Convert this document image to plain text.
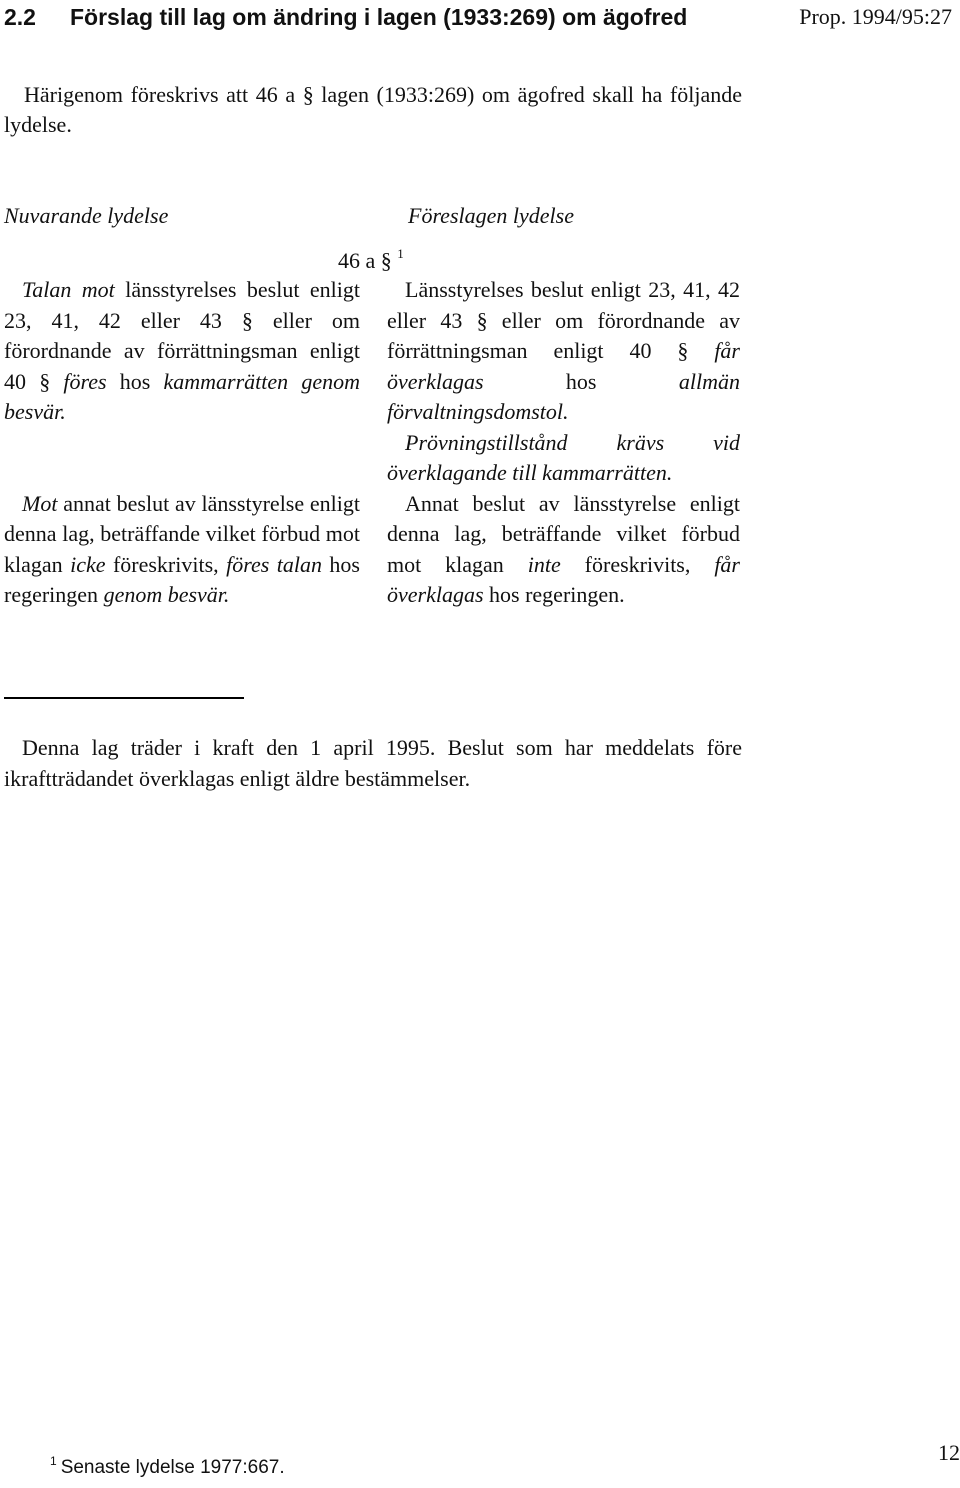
2.2 Förslag till lag om ändring i lagen (1933:269) om ägofred	Prop. 1994/95:27
Härigenom föreskrivs att 46 a § lagen (1933:269) om ägofred skall ha följande lydelse.
Nuvarande lydelse	Föreslagen lydelse
46 a § $^1$

Talan mot länsstyrelses beslut enligt 23, 41, 42 eller 43 § eller om förordnande av förrättningsman enligt 40 § föres hos kammarrätten genom besvär.

Mot annat beslut av länsstyrelse enligt denna lag, beträffande vilket förbud mot klagan icke föreskrivits, föres talan hos regeringen genom besvär.

Länsstyrelses beslut enligt 23, 41, 42 eller 43 § eller om förordnande av förrättningsman enligt 40 § får överklagas hos allmän förvaltningsdomstol.

Prövningstillstånd krävs vid överklagande till kammarrätten.

Annat beslut av länsstyrelse enligt denna lag, beträffande vilket förbud mot klagan inte föreskrivits, får överklagas hos regeringen.

Denna lag träder i kraft den 1 april 1995. Beslut som har meddelats före ikraftträdandet överklagas enligt äldre bestämmelser.

$^1$ Senaste lydelse 1977:667.
12
